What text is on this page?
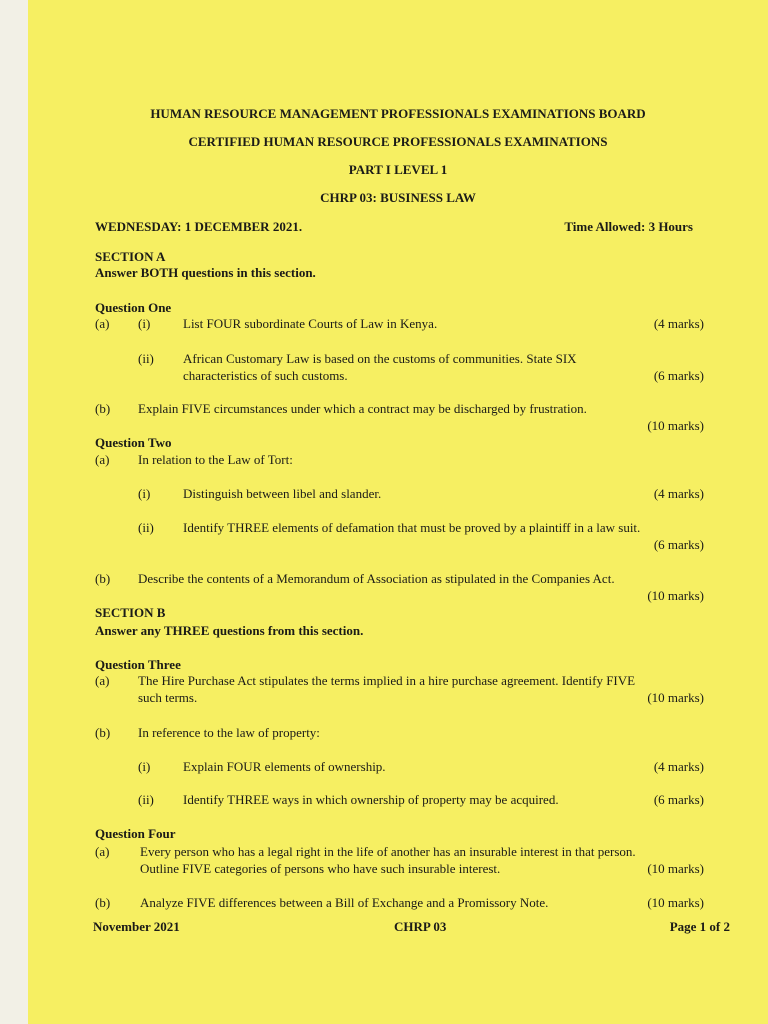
HUMAN RESOURCE MANAGEMENT PROFESSIONALS EXAMINATIONS BOARD
CERTIFIED HUMAN RESOURCE PROFESSIONALS EXAMINATIONS
PART I LEVEL 1
CHRP 03: BUSINESS LAW
WEDNESDAY: 1 DECEMBER 2021.	Time Allowed: 3 Hours
SECTION A
Answer BOTH questions in this section.
Question One
(a) (i)	List FOUR subordinate Courts of Law in Kenya.	(4 marks)
(ii) African Customary Law is based on the customs of communities. State SIX
characteristics of such customs.	(6 marks)
(b) Explain FIVE circumstances under which a contract may be discharged by frustration.
(10 marks)
Question Two
(a) In relation to the Law of Tort:
(i)	Distinguish between libel and slander.	(4 marks)
(ii) Identify THREE elements of defamation that must be proved by a plaintiff in a law suit.
(6 marks)
(b) Describe the contents of a Memorandum of Association as stipulated in the Companies Act.
(10 marks)
SECTION B
Answer any THREE questions from this section.
Question Three
(a) The Hire Purchase Act stipulates the terms implied in a hire purchase agreement. Identify FIVE
such terms.	(10 marks)
(b) In reference to the law of property:
(i)	Explain FOUR elements of ownership.	(4 marks)
(ii) Identify THREE ways in which ownership of property may be acquired.	(6 marks)
Question Four
(a) Every person who has a legal right in the life of another has an insurable interest in that person.
Outline FIVE categories of persons who have such insurable interest.	(10 marks)
(b) Analyze FIVE differences between a Bill of Exchange and a Promissory Note.	(10 marks)
November 2021	CHRP 03	Page 1 of 2
